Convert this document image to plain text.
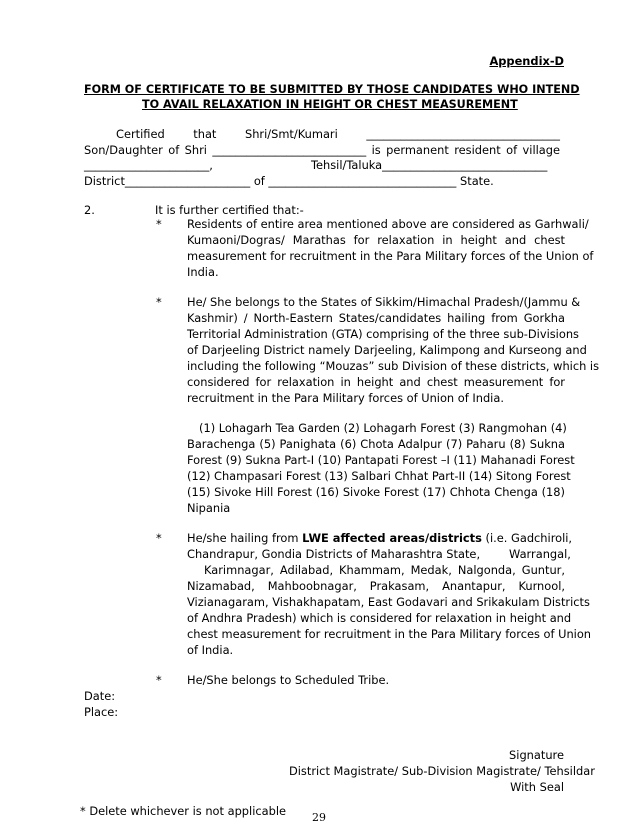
Appendix-D
FORM OF CERTIFICATE TO BE SUBMITTED BY THOSE CANDIDATES WHO INTEND
TO AVAIL RELAXATION IN HEIGHT OR CHEST MEASUREMENT
Certified	that	Shri/Smt/Kumari	__________________________________
Son/Daughter of Shri ___________________________ is permanent resident of village
______________________,	Tehsil/Taluka_____________________________
District______________________ of _________________________________ State.
2.	It is further certified that:-
* Residents of entire area mentioned above are considered as Garhwali/
Kumaoni/Dogras/ Marathas for relaxation in height and chest
measurement for recruitment in the Para Military forces of the Union of
India.
* He/ She belongs to the States of Sikkim/Himachal Pradesh/(Jammu &
Kashmir) / North-Eastern States/candidates hailing from Gorkha
Territorial Administration (GTA) comprising of the three sub-Divisions
of Darjeeling District namely Darjeeling, Kalimpong and Kurseong and
including the following “Mouzas” sub Division of these districts, which is
considered for relaxation in height and chest measurement for
recruitment in the Para Military forces of Union of India.
(1) Lohagarh Tea Garden (2) Lohagarh Forest (3) Rangmohan (4)
Barachenga (5) Panighata (6) Chota Adalpur (7) Paharu (8) Sukna
Forest (9) Sukna Part-I (10) Pantapati Forest –I (11) Mahanadi Forest
(12) Champasari Forest (13) Salbari Chhat Part-II (14) Sitong Forest
(15) Sivoke Hill Forest (16) Sivoke Forest (17) Chhota Chenga (18)
Nipania
* He/she hailing from LWE affected areas/districts (i.e. Gadchiroli,
Chandrapur, Gondia Districts of Maharashtra State,        Warrangal,
Karimnagar, Adilabad, Khammam, Medak, Nalgonda, Guntur,
Nizamabad, Mahboobnagar, Prakasam, Anantapur, Kurnool,
Vizianagaram, Vishakhapatam, East Godavari and Srikakulam Districts
of Andhra Pradesh) which is considered for relaxation in height and
chest measurement for recruitment in the Para Military forces of Union
of India.
* He/She belongs to Scheduled Tribe.
Date:
Place:
Signature
District Magistrate/ Sub-Division Magistrate/ Tehsildar
With Seal
* Delete whichever is not applicable 29
